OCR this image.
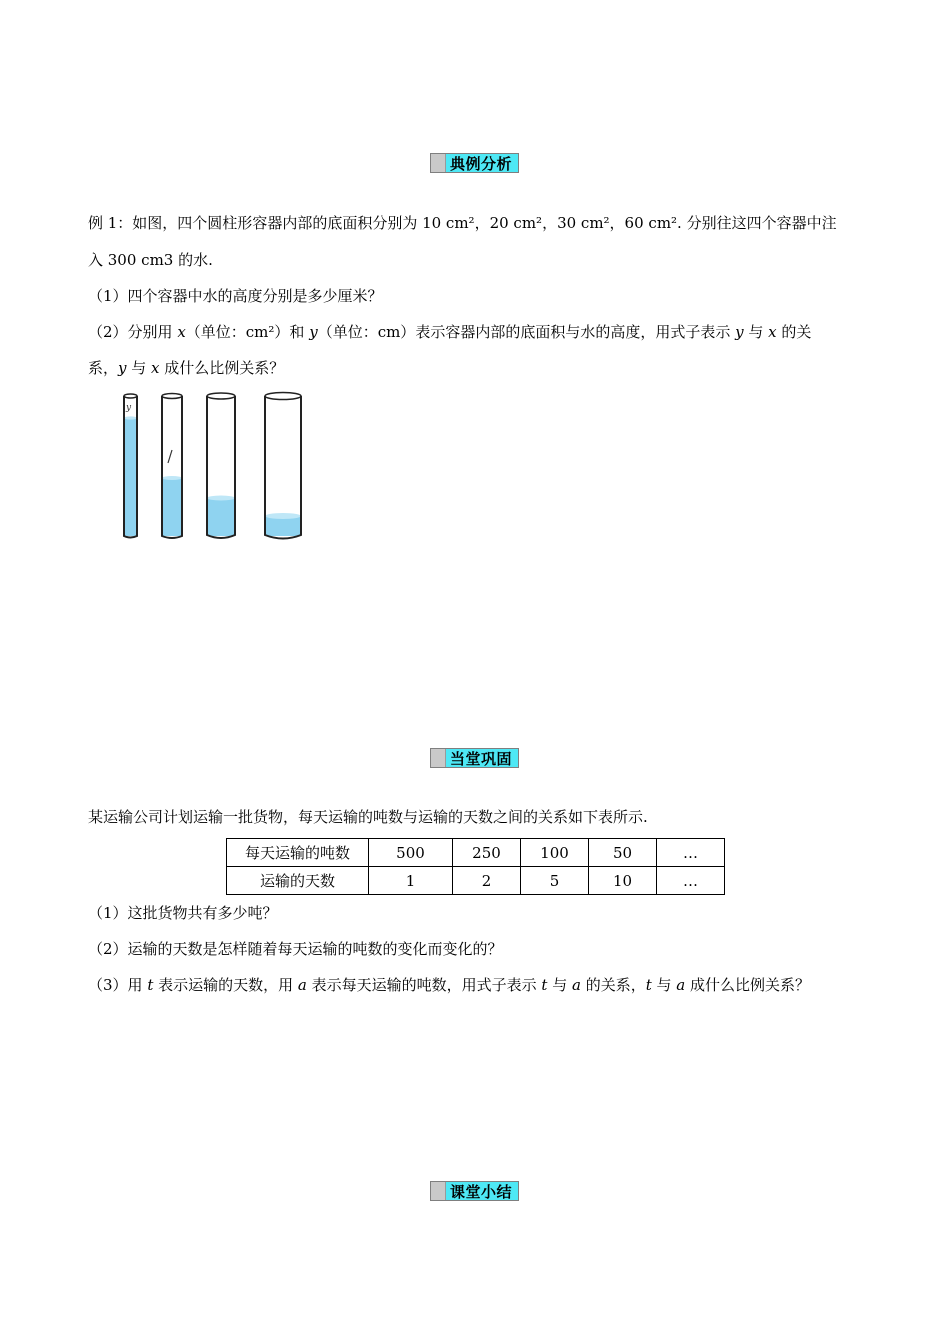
典例分析
例 1：如图，四个圆柱形容器内部的底面积分别为 10 cm²，20 cm²，30 cm²，60 cm². 分别往这四个容器中注
入 300 cm3 的水.
（1）四个容器中水的高度分别是多少厘米？
（2）分别用 x（单位：cm²）和 y（单位：cm）表示容器内部的底面积与水的高度，用式子表示 y 与 x 的关
系，y 与 x 成什么比例关系？
y
当堂巩固
某运输公司计划运输一批货物，每天运输的吨数与运输的天数之间的关系如下表所示.
每天运输的吨数	500	250	100	50	…
运输的天数	1	2	5	10	…
（1）这批货物共有多少吨？
（2）运输的天数是怎样随着每天运输的吨数的变化而变化的？
（3）用 t 表示运输的天数，用 a 表示每天运输的吨数，用式子表示 t 与 a 的关系，t 与 a 成什么比例关系？
课堂小结
